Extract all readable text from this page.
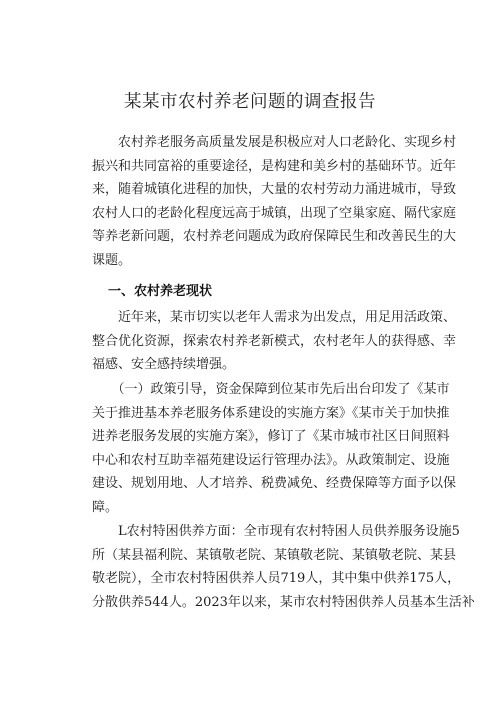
某某市农村养老问题的调查报告
　　农村养老服务高质量发展是积极应对人口老龄化、实现乡村
振兴和共同富裕的重要途径，是构建和美乡村的基础环节。近年
来，随着城镇化进程的加快，大量的农村劳动力涌进城市，导致
农村人口的老龄化程度远高于城镇，出现了空巢家庭、隔代家庭
等养老新问题，农村养老问题成为政府保障民生和改善民生的大
课题。
一、农村养老现状
　　近年来，某市切实以老年人需求为出发点，用足用活政策、
整合优化资源，探索农村养老新模式，农村老年人的获得感、幸
福感、安全感持续增强。
　　（一）政策引导，资金保障到位某市先后出台印发了《某市
关于推进基本养老服务体系建设的实施方案》《某市关于加快推
进养老服务发展的实施方案》，修订了《某市城市社区日间照料
中心和农村互助幸福苑建设运行管理办法》。从政策制定、设施
建设、规划用地、人才培养、税费减免、经费保障等方面予以保
障。
　　L农村特困供养方面：全市现有农村特困人员供养服务设施5
所（某县福利院、某镇敬老院、某镇敬老院、某镇敬老院、某县
敬老院），全市农村特困供养人员719人，其中集中供养175人，
分散供养544人。2023年以来，某市农村特困供养人员基本生活补
